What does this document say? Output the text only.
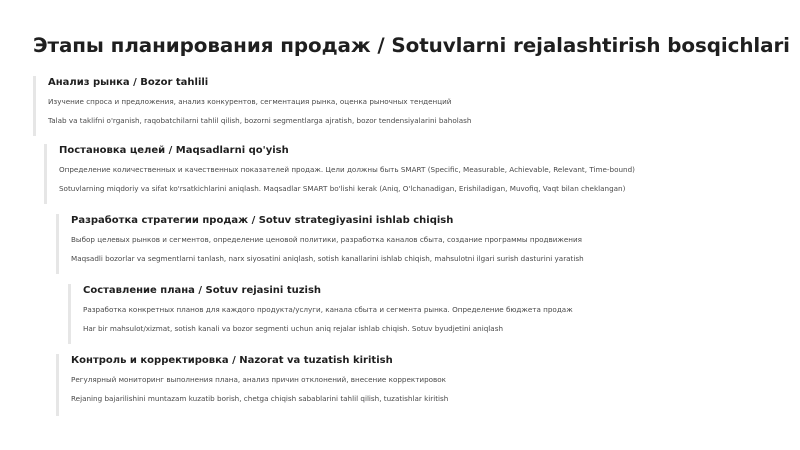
Этапы планирования продаж / Sotuvlarni rejalashtirish bosqichlari

Анализ рынка / Bozor tahlili

Изучение спроса и предложения, анализ конкурентов, сегментация рынка, оценка рыночных тенденций

Talab va taklifni o'rganish, raqobatchilarni tahlil qilish, bozorni segmentlarga ajratish, bozor tendensiyalarini baholash

Постановка целей / Maqsadlarni qo'yish

Определение количественных и качественных показателей продаж. Цели должны быть SMART (Specific, Measurable, Achievable, Relevant, Time-bound)

Sotuvlarning miqdoriy va sifat ko'rsatkichlarini aniqlash. Maqsadlar SMART bo'lishi kerak (Aniq, O'lchanadigan, Erishiladigan, Muvofiq, Vaqt bilan cheklangan)

Разработка стратегии продаж / Sotuv strategiyasini ishlab chiqish

Выбор целевых рынков и сегментов, определение ценовой политики, разработка каналов сбыта, создание программы продвижения

Maqsadli bozorlar va segmentlarni tanlash, narx siyosatini aniqlash, sotish kanallarini ishlab chiqish, mahsulotni ilgari surish dasturini yaratish

Составление плана / Sotuv rejasini tuzish

Разработка конкретных планов для каждого продукта/услуги, канала сбыта и сегмента рынка. Определение бюджета продаж

Har bir mahsulot/xizmat, sotish kanali va bozor segmenti uchun aniq rejalar ishlab chiqish. Sotuv byudjetini aniqlash

Контроль и корректировка / Nazorat va tuzatish kiritish

Регулярный мониторинг выполнения плана, анализ причин отклонений, внесение корректировок

Rejaning bajarilishini muntazam kuzatib borish, chetga chiqish sabablarini tahlil qilish, tuzatishlar kiritish
